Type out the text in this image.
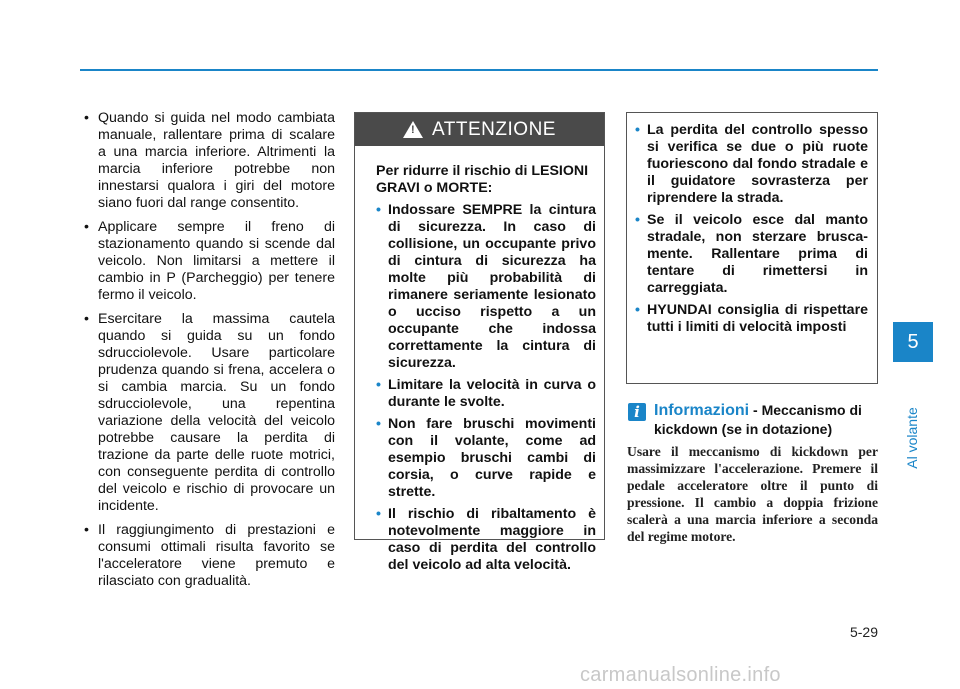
• Quando si guida nel modo cambiata manuale, rallentare prima di scalare a una marcia inferiore. Altrimenti la marcia inferiore potrebbe non innestarsi qualora i giri del motore siano fuori dal range consentito.
• Applicare sempre il freno di stazionamento quando si scende dal veicolo. Non limitarsi a mettere il cambio in P (Parcheggio) per tenere fermo il veicolo.
• Esercitare la massima cautela quando si guida su un fondo sdrucciolevole. Usare particolare prudenza quando si frena, accelera o si cambia marcia. Su un fondo sdrucciolevole, una repentina variazione della velocità del veicolo potrebbe causare la perdita di trazione da parte delle ruote motrici, con conseguente perdita di controllo del veicolo e rischio di provocare un incidente.
• Il raggiungimento di prestazioni e consumi ottimali risulta favorito se l'acceleratore viene premuto e rilasciato con gradualità.
! ATTENZIONE
Per ridurre il rischio di LESIONI GRAVI o MORTE:
• Indossare SEMPRE la cintura di sicurezza. In caso di collisione, un occupante privo di cintura di sicurezza ha molte più probabilità di rimanere seriamente lesionato o ucciso rispetto a un occupante che indossa correttamente la cintura di sicurezza.
• Limitare la velocità in curva o durante le svolte.
• Non fare bruschi movimenti con il volante, come ad esempio bruschi cambi di corsia, o curve rapide e strette.
• Il rischio di ribaltamento è notevolmente maggiore in caso di perdita del controllo del veicolo ad alta velocità.
• La perdita del controllo spesso si verifica se due o più ruote fuoriescono dal fondo stradale e il guidatore sovrasterza per riprendere la strada.
• Se il veicolo esce dal manto stradale, non sterzare brusca-mente. Rallentare prima di tentare di rimettersi in carreggiata.
• HYUNDAI consiglia di rispettare tutti i limiti di velocità imposti
i Informazioni - Meccanismo di kickdown (se in dotazione)
Usare il meccanismo di kickdown per massimizzare l'accelerazione. Premere il pedale acceleratore oltre il punto di pressione. Il cambio a doppia frizione scalerà a una marcia inferiore a seconda del regime motore.
5
Al volante
5-29
carmanualsonline.info
